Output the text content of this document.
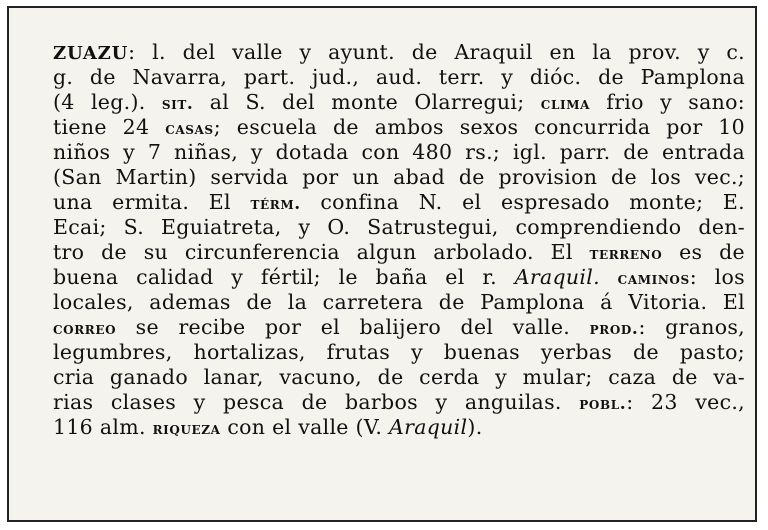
ZUAZU: l. del valle y ayunt. de Araquil en la prov. y c.
g. de Navarra, part. jud., aud. terr. y dióc. de Pamplona
(4 leg.). sit. al S. del monte Olarregui; clima frio y sano:
tiene 24 casas; escuela de ambos sexos concurrida por 10
niños y 7 niñas, y dotada con 480 rs.; igl. parr. de entrada
(San Martin) servida por un abad de provision de los vec.;
una ermita. El térm. confina N. el espresado monte; E.
Ecai; S. Eguiatreta, y O. Satrustegui, comprendiendo den-
tro de su circunferencia algun arbolado. El terreno es de
buena calidad y fértil; le baña el r. Araquil. caminos: los
locales, ademas de la carretera de Pamplona á Vitoria. El
correo se recibe por el balijero del valle. prod.: granos,
legumbres, hortalizas, frutas y buenas yerbas de pasto;
cria ganado lanar, vacuno, de cerda y mular; caza de va-
rias clases y pesca de barbos y anguilas. pobl.: 23 vec.,
116 alm. riqueza con el valle (V. Araquil).
